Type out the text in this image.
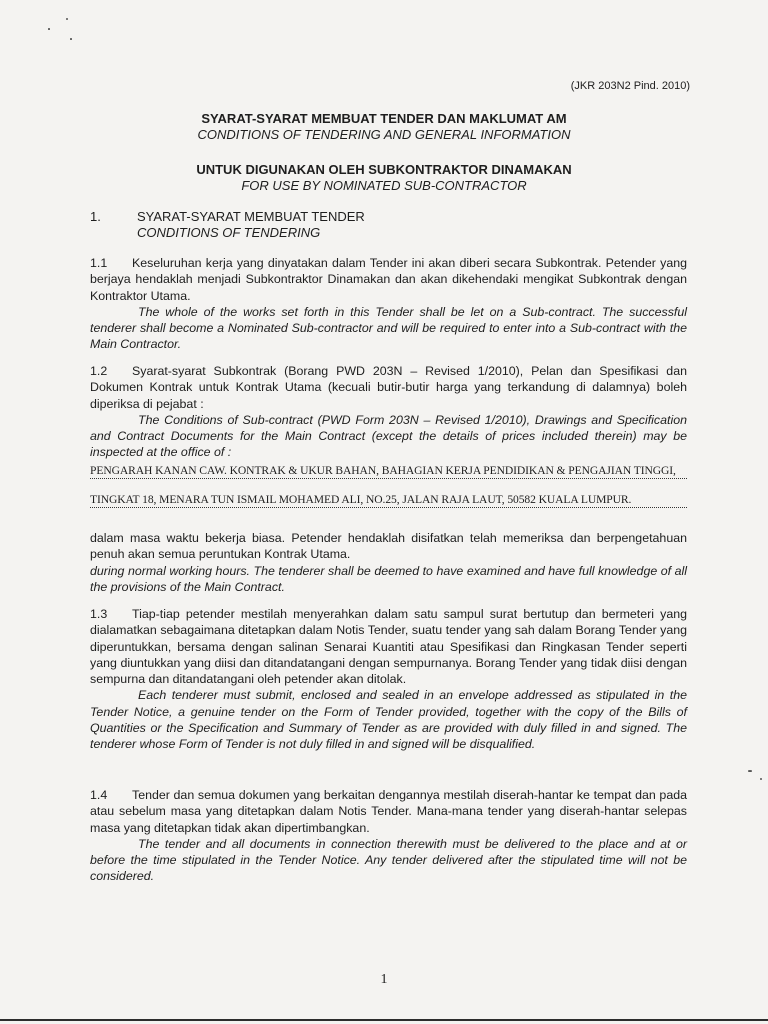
(JKR 203N2 Pind. 2010)
SYARAT-SYARAT MEMBUAT TENDER DAN MAKLUMAT AM
CONDITIONS OF TENDERING AND GENERAL INFORMATION
UNTUK DIGUNAKAN OLEH SUBKONTRAKTOR DINAMAKAN
FOR USE BY NOMINATED SUB-CONTRACTOR
1.	SYARAT-SYARAT MEMBUAT TENDER
CONDITIONS OF TENDERING

1.1 Keseluruhan kerja yang dinyatakan dalam Tender ini akan diberi secara Subkontrak. Petender yang berjaya hendaklah menjadi Subkontraktor Dinamakan dan akan dikehendaki mengikat Subkontrak dengan Kontraktor Utama.

The whole of the works set forth in this Tender shall be let on a Sub-contract. The successful tenderer shall become a Nominated Sub-contractor and will be required to enter into a Sub-contract with the Main Contractor.

1.2 Syarat-syarat Subkontrak (Borang PWD 203N – Revised 1/2010), Pelan dan Spesifikasi dan Dokumen Kontrak untuk Kontrak Utama (kecuali butir-butir harga yang terkandung di dalamnya) boleh diperiksa di pejabat :

The Conditions of Sub-contract (PWD Form 203N – Revised 1/2010), Drawings and Specification and Contract Documents for the Main Contract (except the details of prices included therein) may be inspected at the office of :

PENGARAH KANAN CAW. KONTRAK & UKUR BAHAN, BAHAGIAN KERJA PENDIDIKAN & PENGAJIAN TINGGI,
TINGKAT 18, MENARA TUN ISMAIL MOHAMED ALI, NO.25, JALAN RAJA LAUT, 50582 KUALA LUMPUR.

dalam masa waktu bekerja biasa. Petender hendaklah disifatkan telah memeriksa dan berpengetahuan penuh akan semua peruntukan Kontrak Utama.

during normal working hours. The tenderer shall be deemed to have examined and have full knowledge of all the provisions of the Main Contract.

1.3 Tiap-tiap petender mestilah menyerahkan dalam satu sampul surat bertutup dan bermeteri yang dialamatkan sebagaimana ditetapkan dalam Notis Tender, suatu tender yang sah dalam Borang Tender yang diperuntukkan, bersama dengan salinan Senarai Kuantiti atau Spesifikasi dan Ringkasan Tender seperti yang diuntukkan yang diisi dan ditandatangani dengan sempurnanya. Borang Tender yang tidak diisi dengan sempurna dan ditandatangani oleh petender akan ditolak.

Each tenderer must submit, enclosed and sealed in an envelope addressed as stipulated in the Tender Notice, a genuine tender on the Form of Tender provided, together with the copy of the Bills of Quantities or the Specification and Summary of Tender as are provided with duly filled in and signed. The tenderer whose Form of Tender is not duly filled in and signed will be disqualified.

1.4 Tender dan semua dokumen yang berkaitan dengannya mestilah diserah-hantar ke tempat dan pada atau sebelum masa yang ditetapkan dalam Notis Tender. Mana-mana tender yang diserah-hantar selepas masa yang ditetapkan tidak akan dipertimbangkan.

The tender and all documents in connection therewith must be delivered to the place and at or before the time stipulated in the Tender Notice. Any tender delivered after the stipulated time will not be considered.

1
